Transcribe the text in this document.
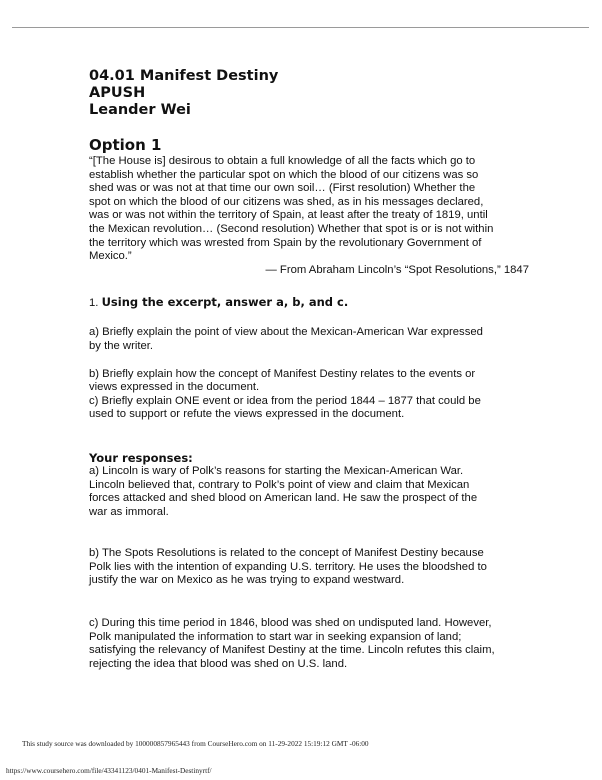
04.01 Manifest Destiny

APUSH

Leander Wei

Option 1

“[The House is] desirous to obtain a full knowledge of all the facts which go to

establish whether the particular spot on which the blood of our citizens was so

shed was or was not at that time our own soil… (First resolution) Whether the

spot on which the blood of our citizens was shed, as in his messages declared,

was or was not within the territory of Spain, at least after the treaty of 1819, until

the Mexican revolution… (Second resolution) Whether that spot is or is not within

the territory which was wrested from Spain by the revolutionary Government of

Mexico.”

— From Abraham Lincoln’s “Spot Resolutions,” 1847

1. Using the excerpt, answer a, b, and c.

a) Briefly explain the point of view about the Mexican-American War expressed

by the writer.

b) Briefly explain how the concept of Manifest Destiny relates to the events or

views expressed in the document.

c) Briefly explain ONE event or idea from the period 1844 – 1877 that could be

used to support or refute the views expressed in the document.

Your responses:

a) Lincoln is wary of Polk’s reasons for starting the Mexican-American War.

Lincoln believed that, contrary to Polk’s point of view and claim that Mexican

forces attacked and shed blood on American land. He saw the prospect of the

war as immoral.

b) The Spots Resolutions is related to the concept of Manifest Destiny because

Polk lies with the intention of expanding U.S. territory. He uses the bloodshed to

justify the war on Mexico as he was trying to expand westward.

c) During this time period in 1846, blood was shed on undisputed land. However,

Polk manipulated the information to start war in seeking expansion of land;

satisfying the relevancy of Manifest Destiny at the time. Lincoln refutes this claim,

rejecting the idea that blood was shed on U.S. land.

This study source was downloaded by 100000857965443 from CourseHero.com on 11-29-2022 15:19:12 GMT -06:00
https://www.coursehero.com/file/43341123/0401-Manifest-Destinyrtf/
